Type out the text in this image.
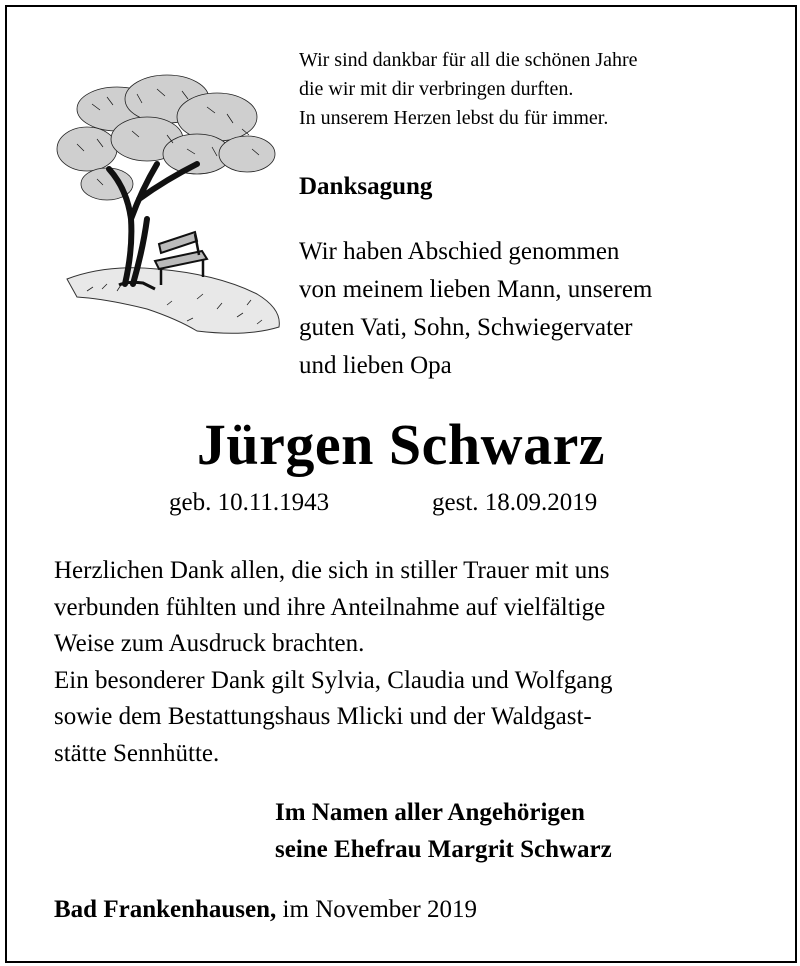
Wir sind dankbar für all die schönen Jahre
die wir mit dir verbringen durften.
In unserem Herzen lebst du für immer.
Danksagung
Wir haben Abschied genommen
von meinem lieben Mann, unserem
guten Vati, Sohn, Schwiegervater
und lieben Opa
Jürgen Schwarz
geb. 10.11.1943	gest. 18.09.2019
Herzlichen Dank allen, die sich in stiller Trauer mit uns
verbunden fühlten und ihre Anteilnahme auf vielfältige
Weise zum Ausdruck brachten.
Ein besonderer Dank gilt Sylvia, Claudia und Wolfgang
sowie dem Bestattungshaus Mlicki und der Waldgast-
stätte Sennhütte.
Im Namen aller Angehörigen
seine Ehefrau Margrit Schwarz
Bad Frankenhausen, im November 2019
